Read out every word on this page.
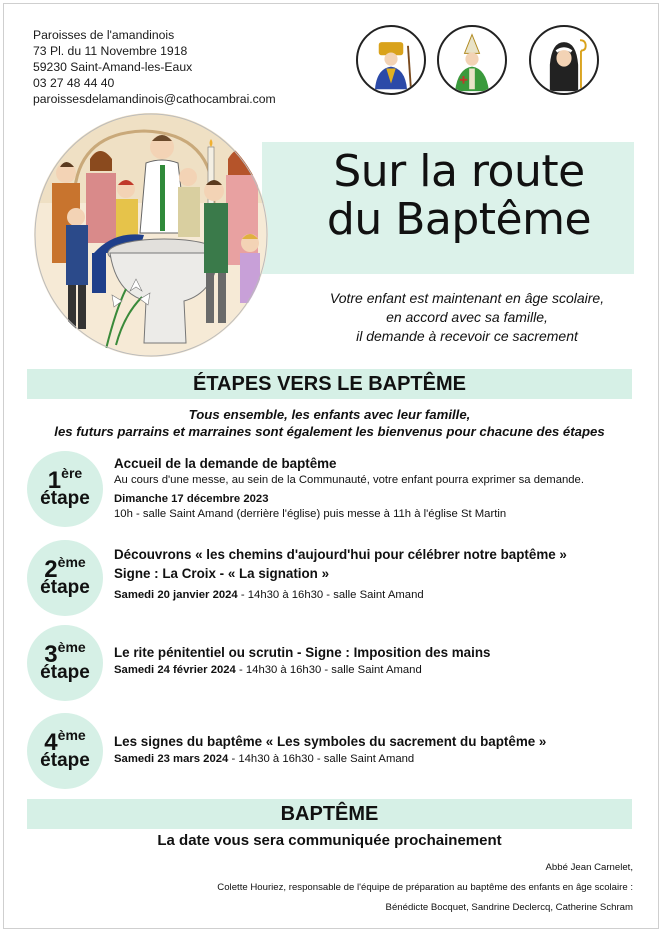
Paroisses de l'amandinois
73 Pl. du 11 Novembre 1918
59230 Saint-Amand-les-Eaux
03 27 48 44 40
paroissesdelamandinois@cathocambrai.com
Sur la route
du Baptême
Votre enfant est maintenant en âge scolaire,
en accord avec sa famille,
il demande à recevoir ce sacrement
ÉTAPES VERS LE BAPTÊME
Tous ensemble, les enfants avec leur famille,
les futurs parrains et marraines sont également les bienvenus pour chacune des étapes
1ère
étape
Accueil de la demande de baptême
Au cours d'une messe, au sein de la Communauté, votre enfant pourra exprimer sa demande.
Dimanche 17 décembre 2023
10h - salle Saint Amand (derrière l'église) puis messe à 11h à l'église St Martin
2ème
étape
Découvrons « les chemins d'aujourd'hui pour célébrer notre baptême »
Signe : La Croix - « La signation »
Samedi 20 janvier 2024 - 14h30 à 16h30 - salle Saint Amand
3ème
étape
Le rite pénitentiel ou scrutin - Signe : Imposition des mains
Samedi 24 février 2024 - 14h30 à 16h30 - salle Saint Amand
4ème
étape
Les signes du baptême « Les symboles du sacrement du baptême »
Samedi 23 mars 2024 - 14h30 à 16h30 - salle Saint Amand
BAPTÊME
La date vous sera communiquée prochainement
Abbé Jean Carnelet,
Colette Houriez, responsable de l'équipe de préparation au baptême des enfants en âge scolaire :
Bénédicte Bocquet, Sandrine Declercq, Catherine Schram
